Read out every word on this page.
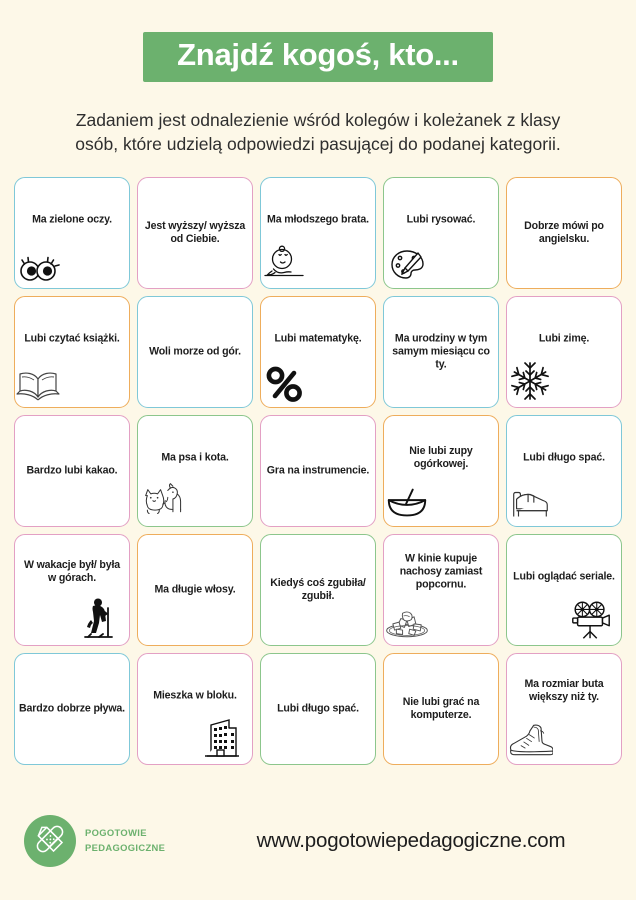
Znajdź kogoś, kto...
Zadaniem jest odnalezienie wśród kolegów i koleżanek z klasy osób, które udzielą odpowiedzi pasującej do podanej kategorii.
Ma zielone oczy.
Jest wyższy/ wyższa od Ciebie.
Ma młodszego brata.	Lubi rysować.
Dobrze mówi po angielsku.
Lubi czytać książki.
Woli morze od gór.
Lubi matematykę.	Ma urodziny w tym samym miesiącu co ty.
Lubi zimę.
Bardzo lubi kakao.
Ma psa i kota.
Gra na instrumencie.
Nie lubi zupy ogórkowej.
Lubi długo spać.
W wakacje był/ była w górach.
Ma długie włosy.
Kiedyś coś zgubiła/ zgubił.
W kinie kupuje nachosy zamiast popcornu.
Lubi oglądać seriale.
Bardzo dobrze pływa.
Mieszka w bloku.
Lubi długo spać.
Nie lubi grać na komputerze.
Ma rozmiar buta większy niż ty.
POGOTOWIE
PEDAGOGICZNE	www.pogotowiepedagogiczne.com
